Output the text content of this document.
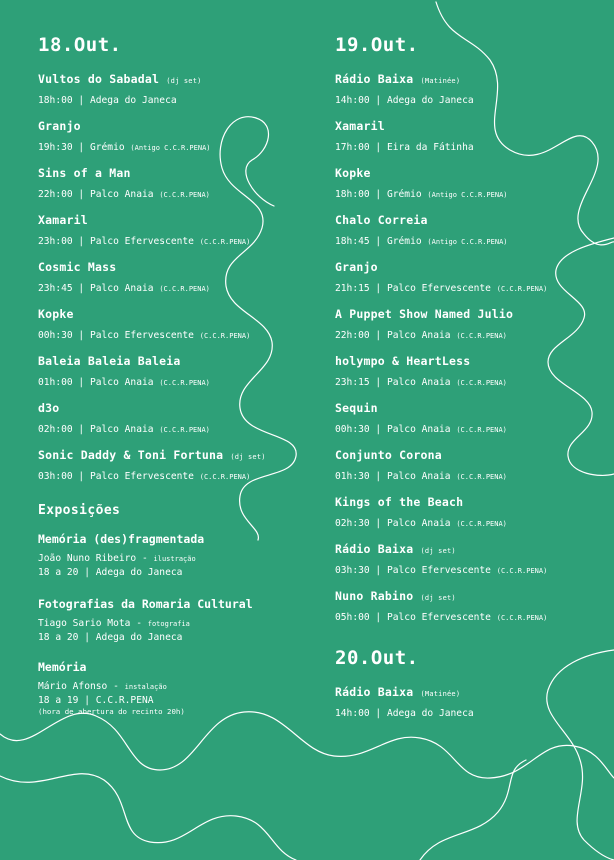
18.Out.
Vultos do Sabadal (dj set)
18h:00 | Adega do Janeca
Granjo
19h:30 | Grémio (Antigo C.C.R.PENA)
Sins of a Man
22h:00 | Palco Anaia (C.C.R.PENA)
Xamaril
23h:00 | Palco Efervescente (C.C.R.PENA)
Cosmic Mass
23h:45 | Palco Anaia (C.C.R.PENA)
Kopke
00h:30 | Palco Efervescente (C.C.R.PENA)
Baleia Baleia Baleia
01h:00 | Palco Anaia (C.C.R.PENA)
d3o
02h:00 | Palco Anaia (C.C.R.PENA)
Sonic Daddy & Toni Fortuna (dj set)
03h:00 | Palco Efervescente (C.C.R.PENA)
Exposições
Memória (des)fragmentada
João Nuno Ribeiro - ilustração
18 a 20 | Adega do Janeca
Fotografias da Romaria Cultural
Tiago Sario Mota - fotografia
18 a 20 | Adega do Janeca
Memória
Mário Afonso - instalação
18 a 19 | C.C.R.PENA
(hora de abertura do recinto 20h)
19.Out.
Rádio Baixa (Matinée)
14h:00 | Adega do Janeca
Xamaril
17h:00 | Eira da Fátinha
Kopke
18h:00 | Grémio (Antigo C.C.R.PENA)
Chalo Correia
18h:45 | Grémio (Antigo C.C.R.PENA)
Granjo
21h:15 | Palco Efervescente (C.C.R.PENA)
A Puppet Show Named Julio
22h:00 | Palco Anaia (C.C.R.PENA)
holympo & HeartLess
23h:15 | Palco Anaia (C.C.R.PENA)
Sequin
00h:30 | Palco Anaia (C.C.R.PENA)
Conjunto Corona
01h:30 | Palco Anaia (C.C.R.PENA)
Kings of the Beach
02h:30 | Palco Anaia (C.C.R.PENA)
Rádio Baixa (dj set)
03h:30 | Palco Efervescente (C.C.R.PENA)
Nuno Rabino (dj set)
05h:00 | Palco Efervescente (C.C.R.PENA)
20.Out.
Rádio Baixa (Matinée)
14h:00 | Adega do Janeca
